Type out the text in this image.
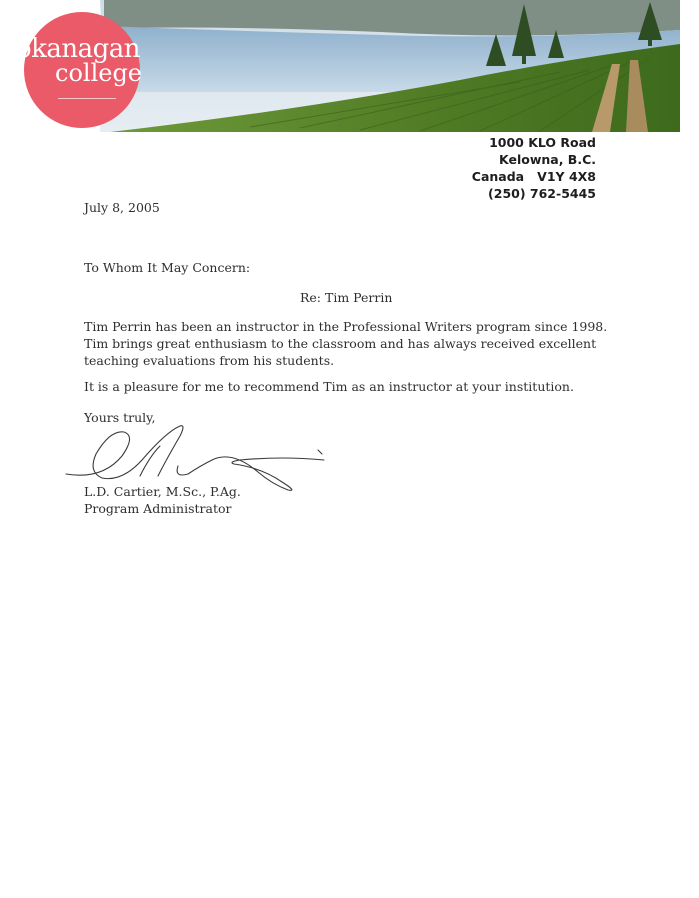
okanagan
college
1000 KLO Road
Kelowna, B.C.
Canada   V1Y 4X8
(250) 762-5445
July 8, 2005
To Whom It May Concern:
Re: Tim Perrin
Tim Perrin has been an instructor in the Professional Writers program since 1998. Tim brings great enthusiasm to the classroom and has always received excellent teaching evaluations from his students.
It is a pleasure for me to recommend Tim as an instructor at your institution.
Yours truly,
L.D. Cartier, M.Sc., P.Ag.
Program Administrator
